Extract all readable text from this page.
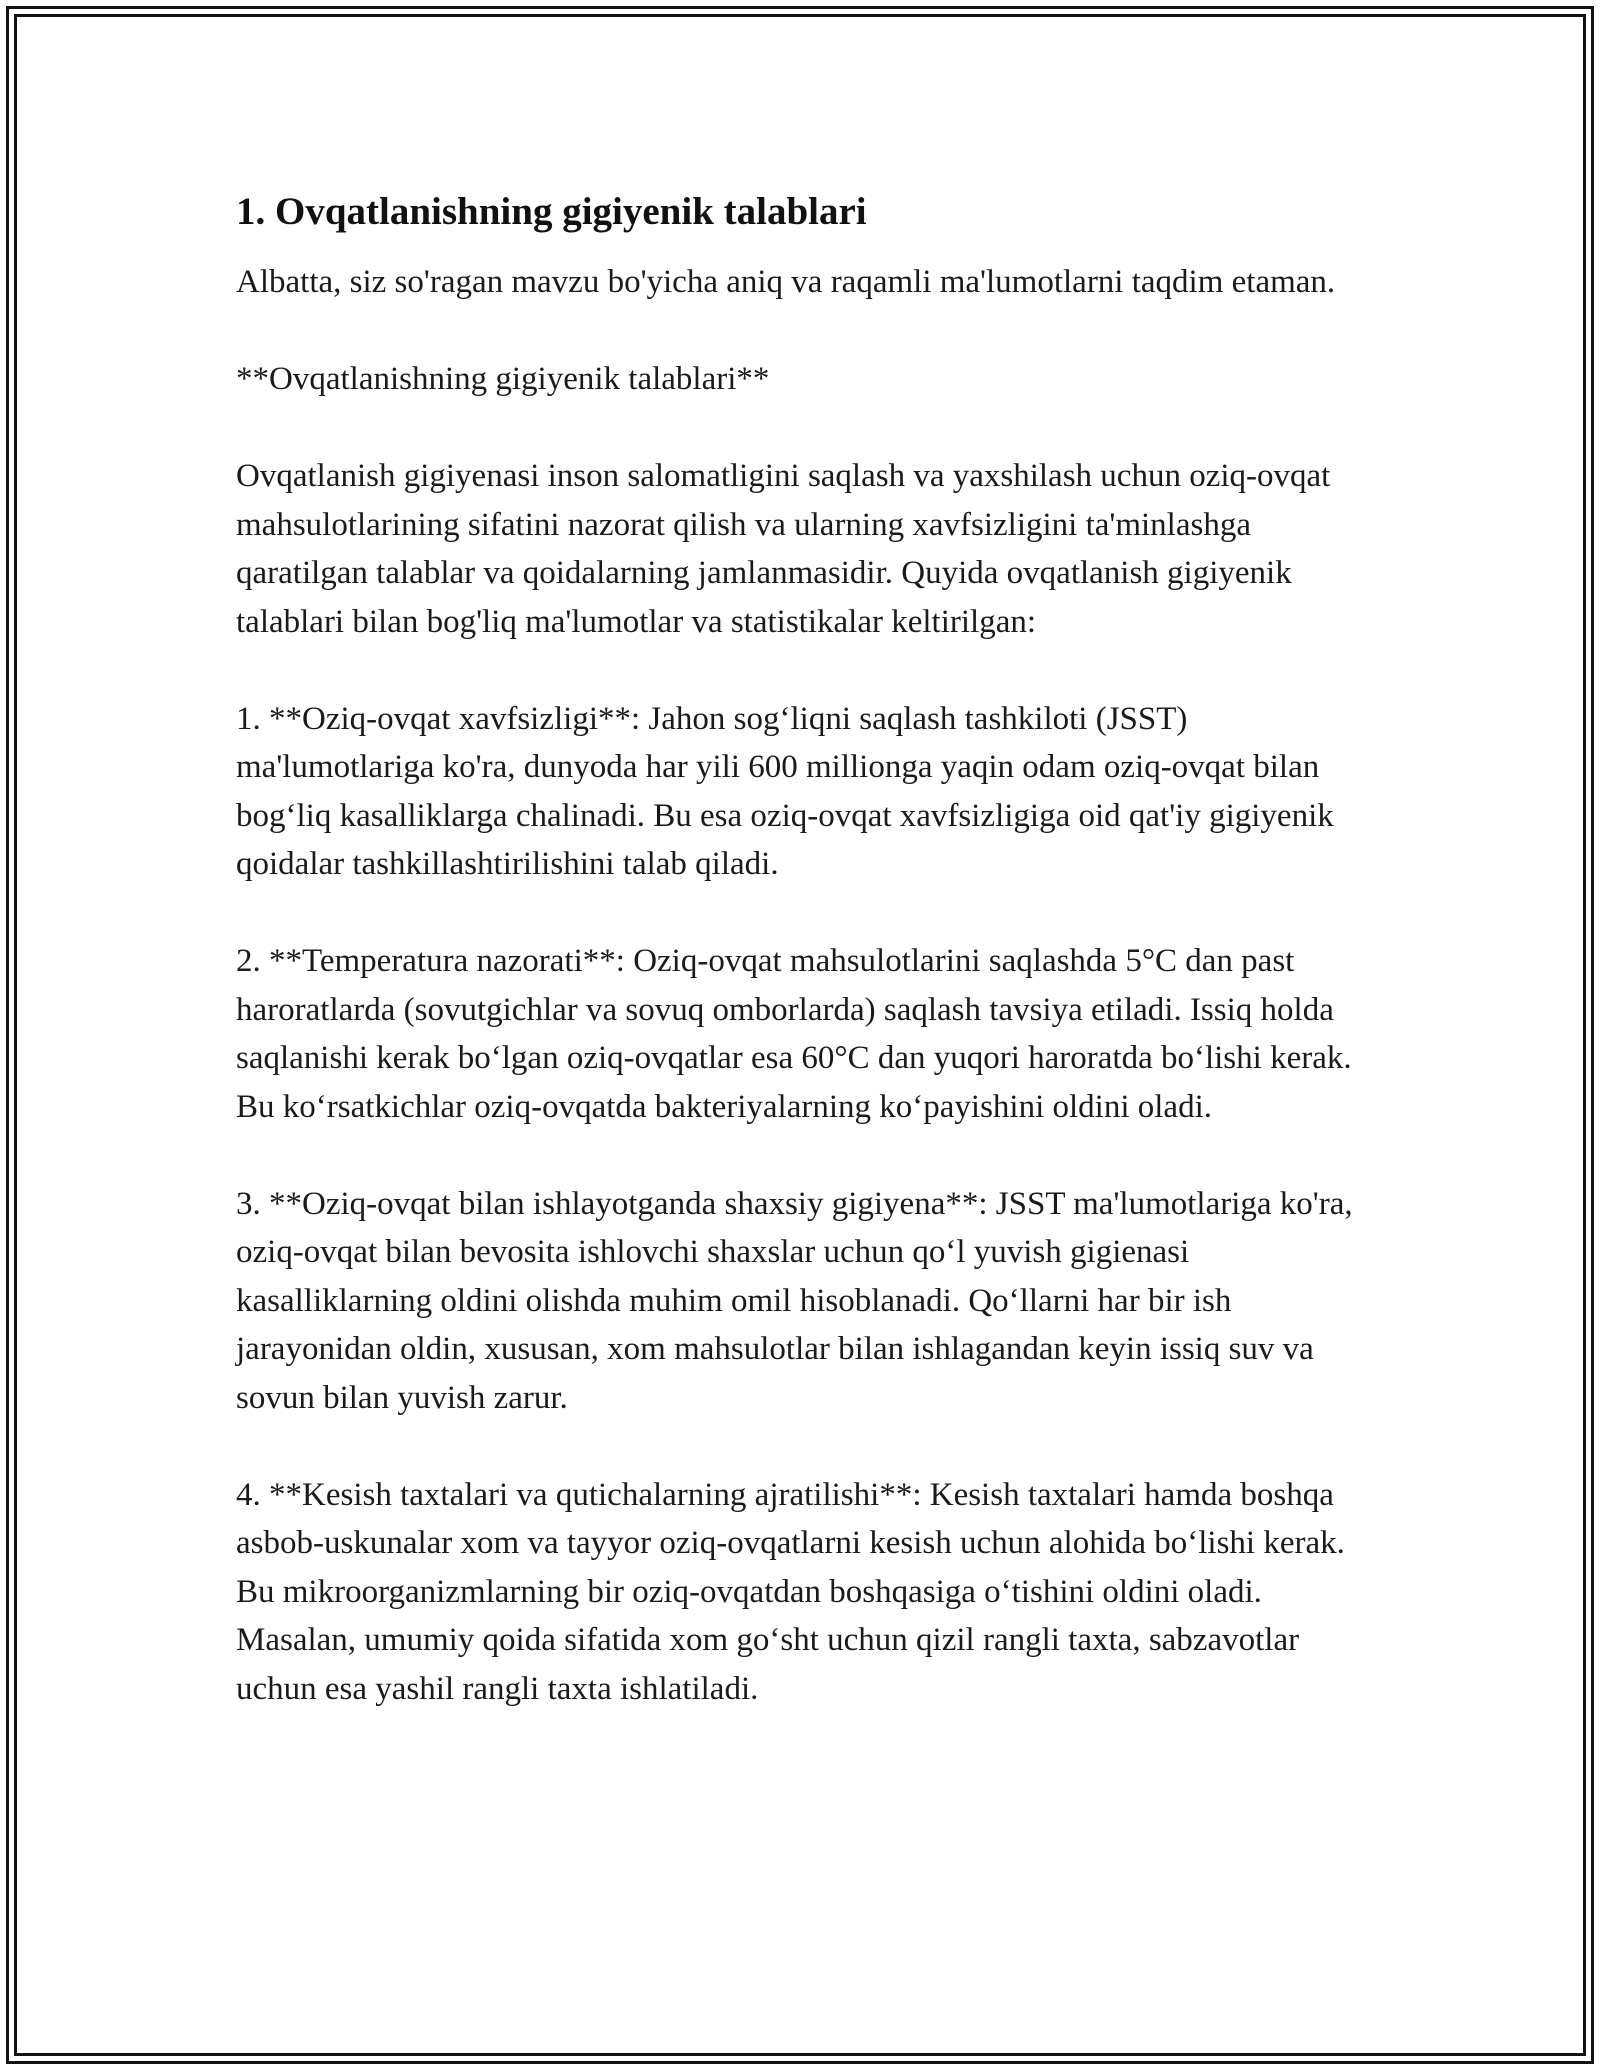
1. Ovqatlanishning gigiyenik talablari

Albatta, siz so'ragan mavzu bo'yicha aniq va raqamli ma'lumotlarni taqdim etaman.

**Ovqatlanishning gigiyenik talablari**

Ovqatlanish gigiyenasi inson salomatligini saqlash va yaxshilash uchun oziq-ovqat mahsulotlarining sifatini nazorat qilish va ularning xavfsizligini ta'minlashga qaratilgan talablar va qoidalarning jamlanmasidir. Quyida ovqatlanish gigiyenik talablari bilan bog'liq ma'lumotlar va statistikalar keltirilgan:

1. **Oziq-ovqat xavfsizligi**: Jahon sog‘liqni saqlash tashkiloti (JSST) ma'lumotlariga ko'ra, dunyoda har yili 600 millionga yaqin odam oziq-ovqat bilan bog‘liq kasalliklarga chalinadi. Bu esa oziq-ovqat xavfsizligiga oid qat'iy gigiyenik qoidalar tashkillashtirilishini talab qiladi.

2. **Temperatura nazorati**: Oziq-ovqat mahsulotlarini saqlashda 5°C dan past haroratlarda (sovutgichlar va sovuq omborlarda) saqlash tavsiya etiladi. Issiq holda saqlanishi kerak bo‘lgan oziq-ovqatlar esa 60°C dan yuqori haroratda bo‘lishi kerak. Bu ko‘rsatkichlar oziq-ovqatda bakteriyalarning ko‘payishini oldini oladi.

3. **Oziq-ovqat bilan ishlayotganda shaxsiy gigiyena**: JSST ma'lumotlariga ko'ra, oziq-ovqat bilan bevosita ishlovchi shaxslar uchun qo‘l yuvish gigienasi kasalliklarning oldini olishda muhim omil hisoblanadi. Qo‘llarni har bir ish jarayonidan oldin, xususan, xom mahsulotlar bilan ishlagandan keyin issiq suv va sovun bilan yuvish zarur.

4. **Kesish taxtalari va qutichalarning ajratilishi**: Kesish taxtalari hamda boshqa asbob-uskunalar xom va tayyor oziq-ovqatlarni kesish uchun alohida bo‘lishi kerak. Bu mikroorganizmlarning bir oziq-ovqatdan boshqasiga o‘tishini oldini oladi. Masalan, umumiy qoida sifatida xom go‘sht uchun qizil rangli taxta, sabzavotlar uchun esa yashil rangli taxta ishlatiladi.
